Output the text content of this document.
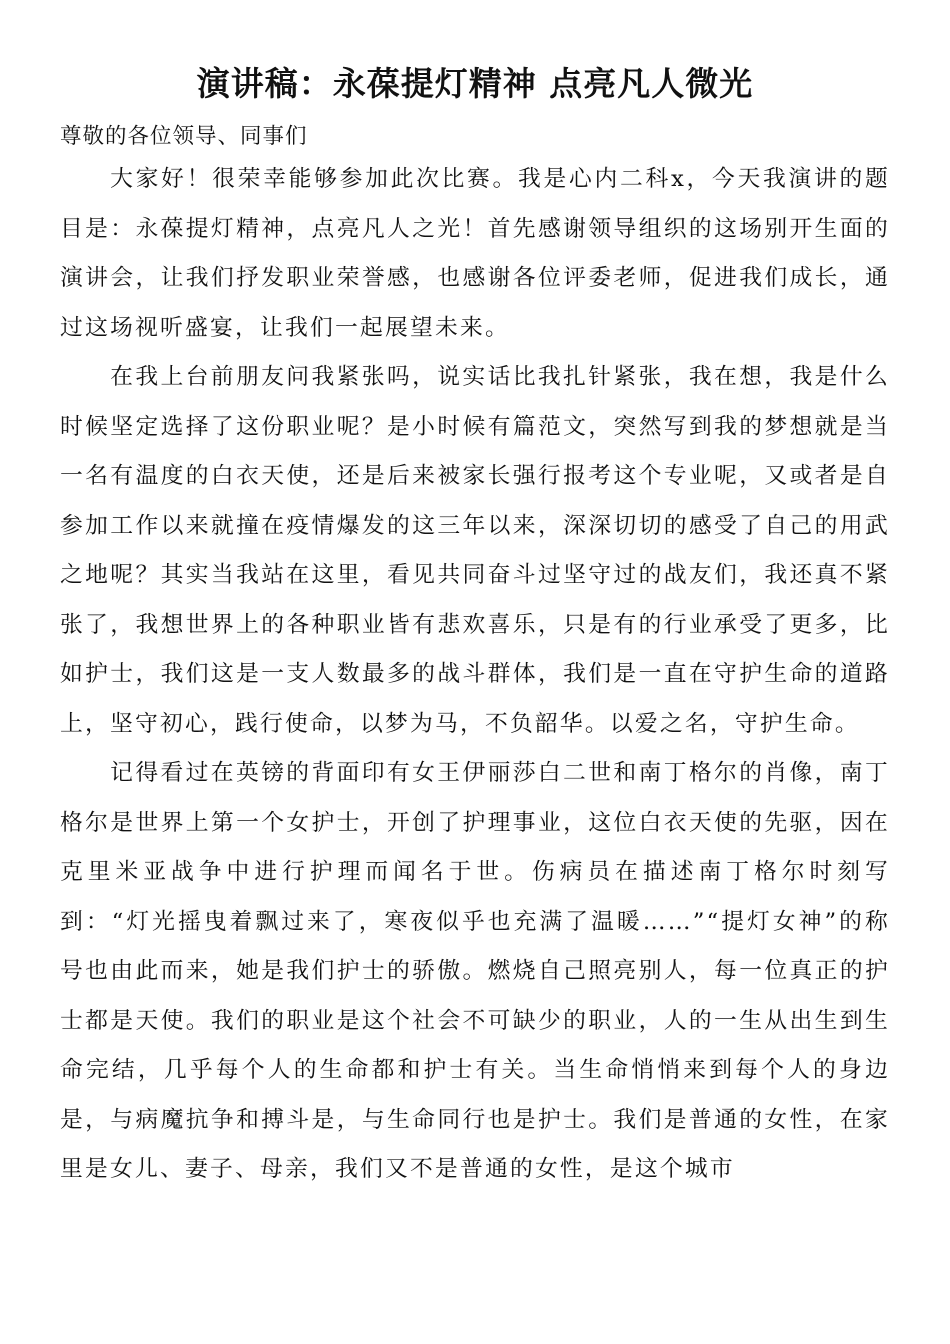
演讲稿：永葆提灯精神 点亮凡人微光

尊敬的各位领导、同事们

大家好！很荣幸能够参加此次比赛。我是心内二科x，今天我演讲的题目是：永葆提灯精神，点亮凡人之光！首先感谢领导组织的这场别开生面的演讲会，让我们抒发职业荣誉感，也感谢各位评委老师，促进我们成长，通过这场视听盛宴，让我们一起展望未来。

在我上台前朋友问我紧张吗，说实话比我扎针紧张，我在想，我是什么时候坚定选择了这份职业呢？是小时候有篇范文，突然写到我的梦想就是当一名有温度的白衣天使，还是后来被家长强行报考这个专业呢，又或者是自参加工作以来就撞在疫情爆发的这三年以来，深深切切的感受了自己的用武之地呢？其实当我站在这里，看见共同奋斗过坚守过的战友们，我还真不紧张了，我想世界上的各种职业皆有悲欢喜乐，只是有的行业承受了更多，比如护士，我们这是一支人数最多的战斗群体，我们是一直在守护生命的道路上，坚守初心，践行使命，以梦为马，不负韶华。以爱之名，守护生命。

记得看过在英镑的背面印有女王伊丽莎白二世和南丁格尔的肖像，南丁格尔是世界上第一个女护士，开创了护理事业，这位白衣天使的先驱，因在克里米亚战争中进行护理而闻名于世。伤病员在描述南丁格尔时刻写到：“灯光摇曳着飘过来了，寒夜似乎也充满了温暖……”“提灯女神”的称号也由此而来，她是我们护士的骄傲。燃烧自己照亮别人，每一位真正的护士都是天使。我们的职业是这个社会不可缺少的职业，人的一生从出生到生命完结，几乎每个人的生命都和护士有关。当生命悄悄来到每个人的身边是，与病魔抗争和搏斗是，与生命同行也是护士。我们是普通的女性，在家里是女儿、妻子、母亲，我们又不是普通的女性，是这个城市
